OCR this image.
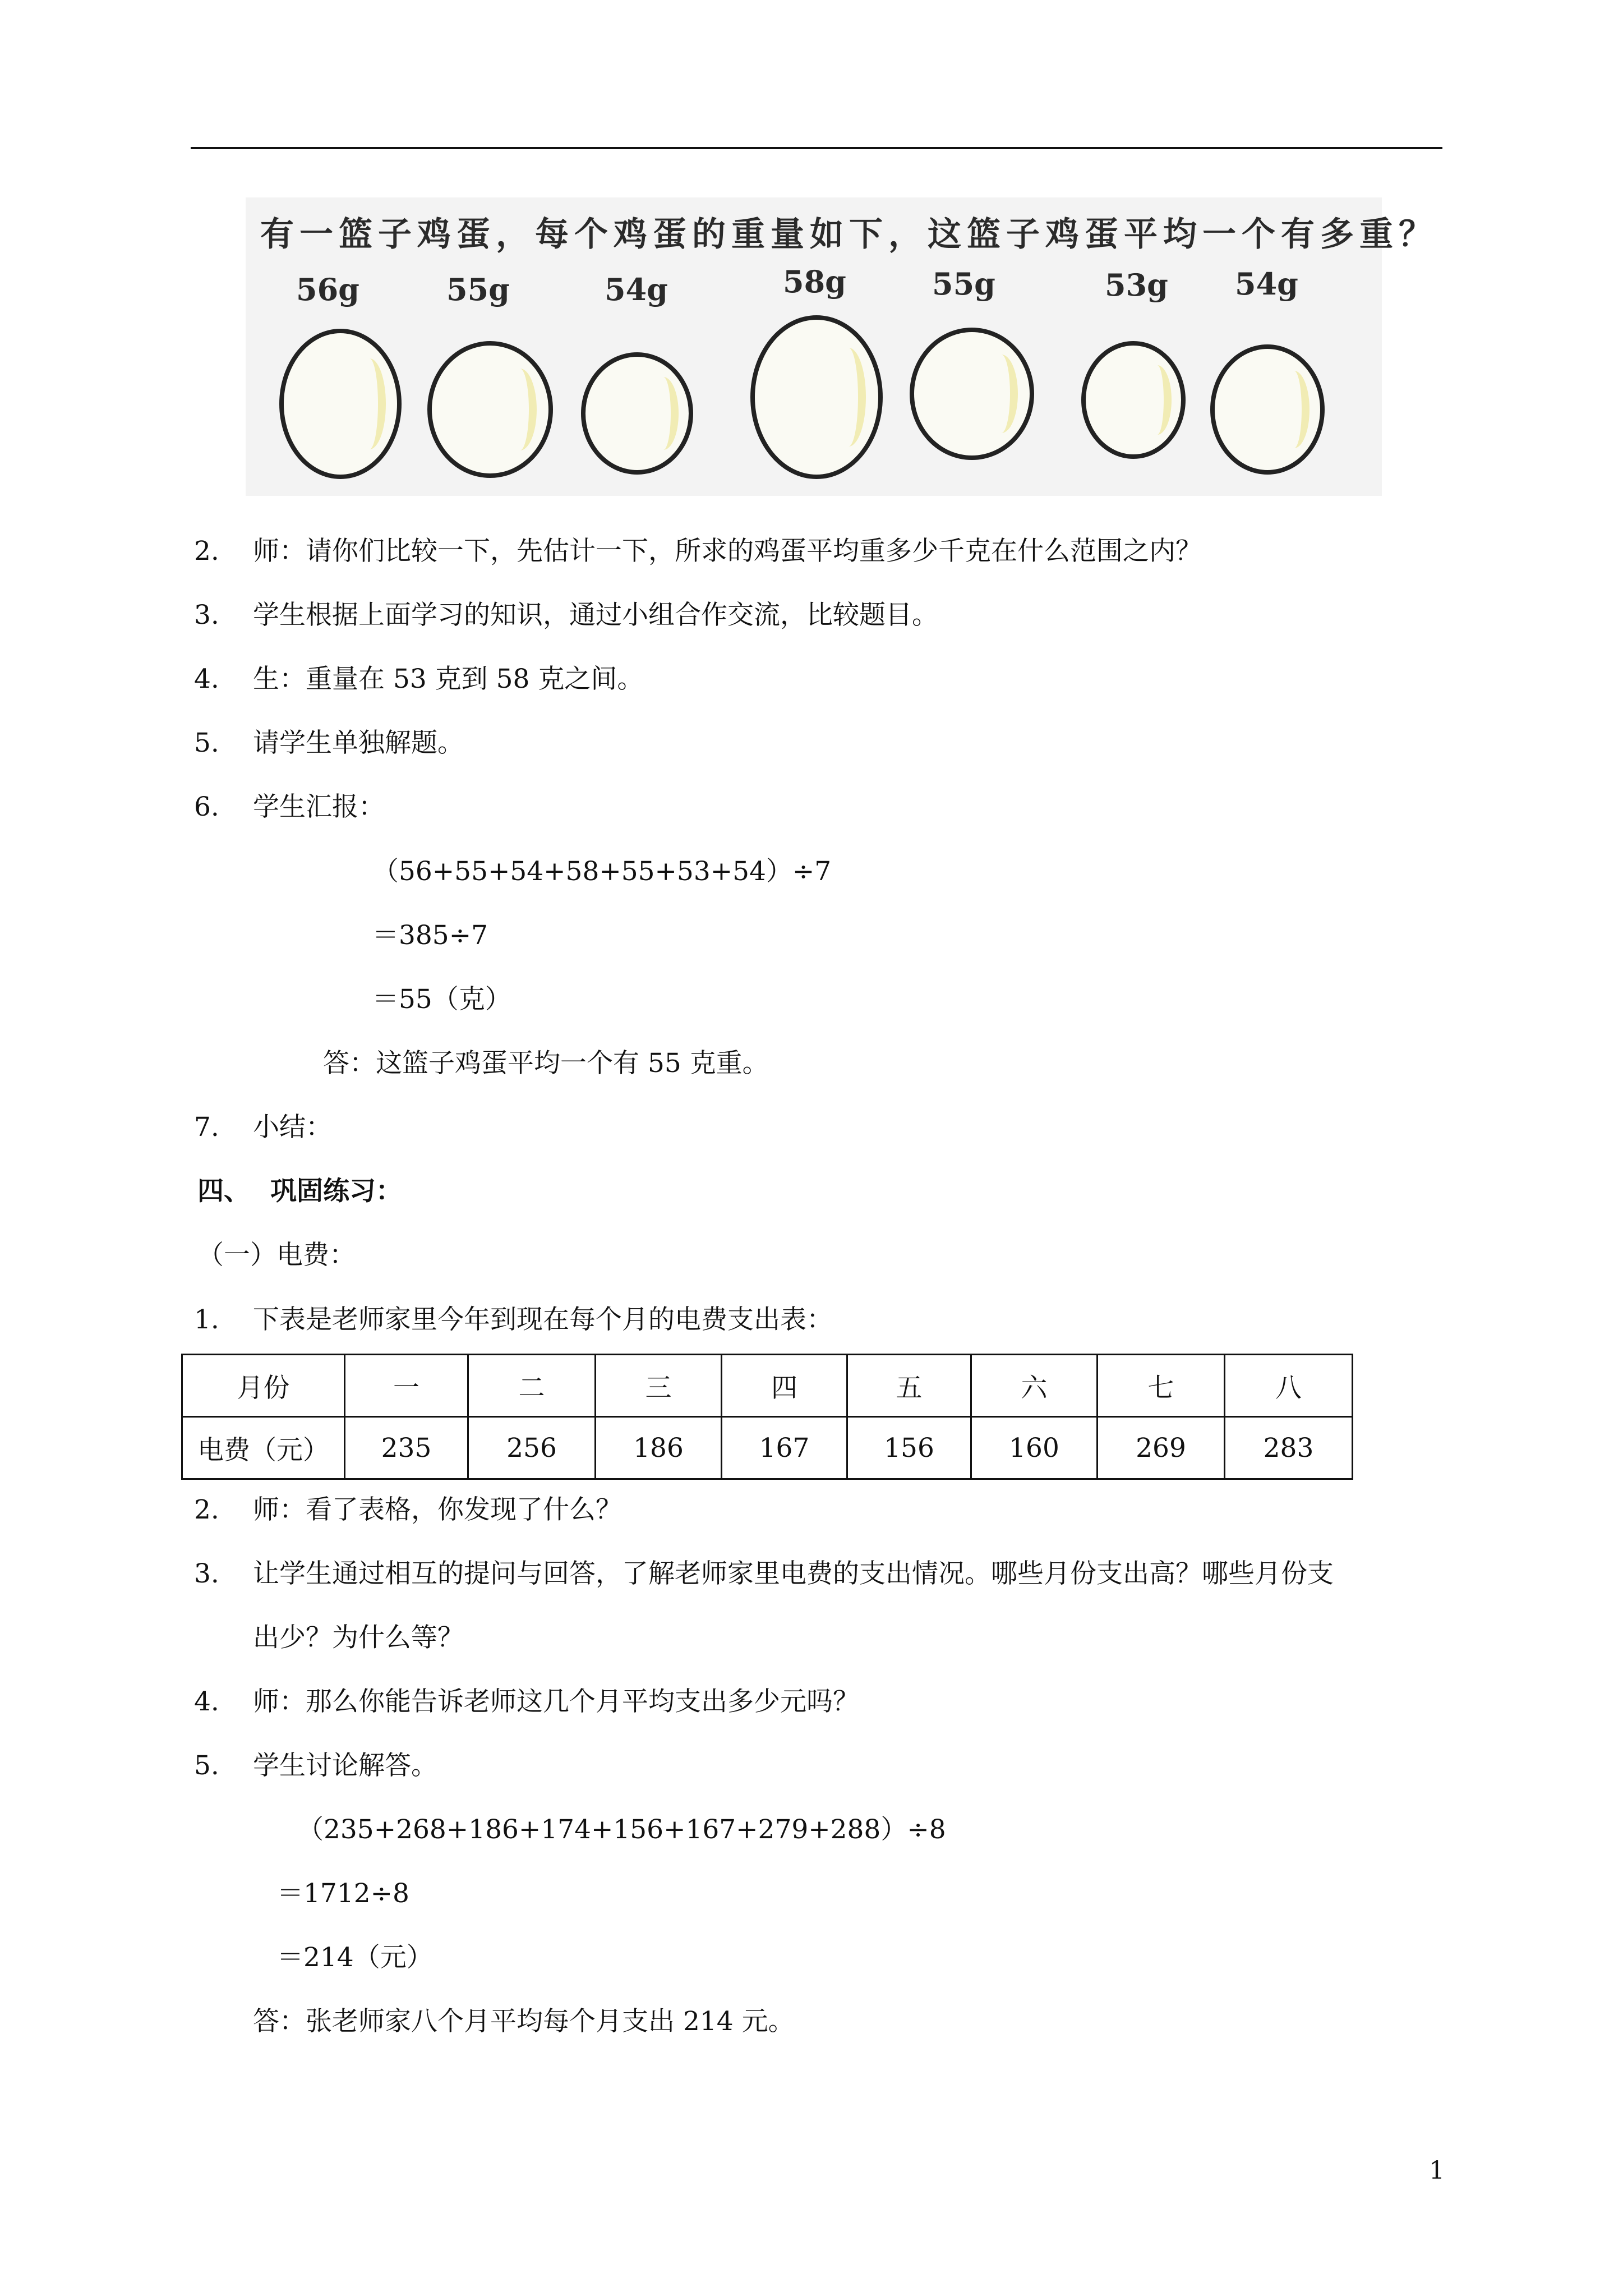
有一篮子鸡蛋，每个鸡蛋的重量如下，这篮子鸡蛋平均一个有多重？
56g	55g	54g	58g	55g	53g 54g
2. 师：请你们比较一下，先估计一下，所求的鸡蛋平均重多少千克在什么范围之内？
3. 学生根据上面学习的知识，通过小组合作交流，比较题目。
4. 生：重量在 53 克到 58 克之间。
5. 请学生单独解题。
6. 学生汇报：
（56+55+54+58+55+53+54）÷7
＝385÷7
＝55（克）
答：这篮子鸡蛋平均一个有 55 克重。
7. 小结：
四、 巩固练习：
（一）电费：
1. 下表是老师家里今年到现在每个月的电费支出表：
月份	一	二	三	四	五	六	七	八
电费（元）	235	256	186	167	156	160	269	283
2. 师：看了表格，你发现了什么？
3. 让学生通过相互的提问与回答，了解老师家里电费的支出情况。哪些月份支出高？哪些月份支
出少？为什么等？
4. 师：那么你能告诉老师这几个月平均支出多少元吗？
5. 学生讨论解答。
（235+268+186+174+156+167+279+288）÷8
＝1712÷8
＝214（元）
答：张老师家八个月平均每个月支出 214 元。
1
